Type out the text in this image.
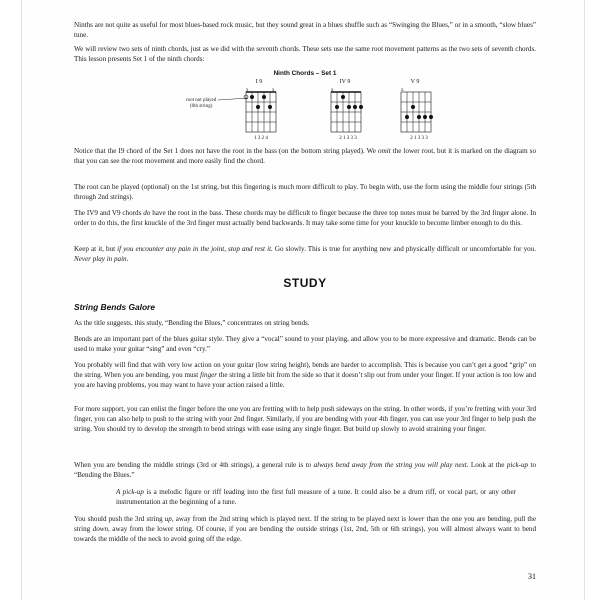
Ninths are not quite as useful for most blues-based rock music, but they sound great in a blues shuffle such as “Swinging the Blues,” or in a smooth, “slow blues” tune.

We will review two sets of ninth chords, just as we did with the seventh chords. These sets use the same root movement patterns as the two sets of seventh chords. This lesson presents Set 1 of the ninth chords:

Ninth Chords – Set 1
root not played
(6th string)
I 9
x	x
1 3 2 4
IV 9
x
2 1 3 3 3
V 9
x
2 1 3 3 3

Notice that the I9 chord of the Set 1 does not have the root in the bass (on the bottom string played). We omit the lower root, but it is marked on the diagram so that you can see the root movement and more easily find the chord.

The root can be played (optional) on the 1st string, but this fingering is much more difficult to play. To begin with, use the form using the middle four strings (5th through 2nd strings).

The IV9 and V9 chords do have the root in the bass. These chords may be difficult to finger because the three top notes must be barred by the 3rd finger alone. In order to do this, the first knuckle of the 3rd finger must actually bend backwards. It may take some time for your knuckle to become limber enough to do this.

Keep at it, but if you encounter any pain in the joint, stop and rest it. Go slowly. This is true for anything new and physically difficult or uncomfortable for you. Never play in pain.

STUDY
String Bends Galore

As the title suggests, this study, “Bending the Blues,” concentrates on string bends.

Bends are an important part of the blues guitar style. They give a “vocal” sound to your playing, and allow you to be more expressive and dramatic. Bends can be used to make your guitar “sing” and even “cry.”

You probably will find that with very low action on your guitar (low string height), bends are harder to accomplish. This is because you can’t get a good “grip” on the string. When you are bending, you must finger the string a little bit from the side so that it doesn’t slip out from under your finger. If your action is too low and you are having problems, you may want to have your action raised a little.

For more support, you can enlist the finger before the one you are fretting with to help push sideways on the string. In other words, if you’re fretting with your 3rd finger, you can also help to push to the string with your 2nd finger. Similarly, if you are bending with your 4th finger, you can use your 3rd finger to help push the string. You should try to develop the strength to bend strings with ease using any single finger. But build up slowly to avoid straining your finger.

When you are bending the middle strings (3rd or 4th strings), a general rule is to always bend away from the string you will play next. Look at the pick-up to “Bending the Blues.”

A pick-up is a melodic figure or riff leading into the first full measure of a tune. It could also be a drum riff, or vocal part, or any other instrumentation at the beginning of a tune.

You should push the 3rd string up, away from the 2nd string which is played next. If the string to be played next is lower than the one you are bending, pull the string down, away from the lower string. Of course, if you are bending the outside strings (1st, 2nd, 5th or 6th strings), you will almost always want to bend towards the middle of the neck to avoid going off the edge.

31
